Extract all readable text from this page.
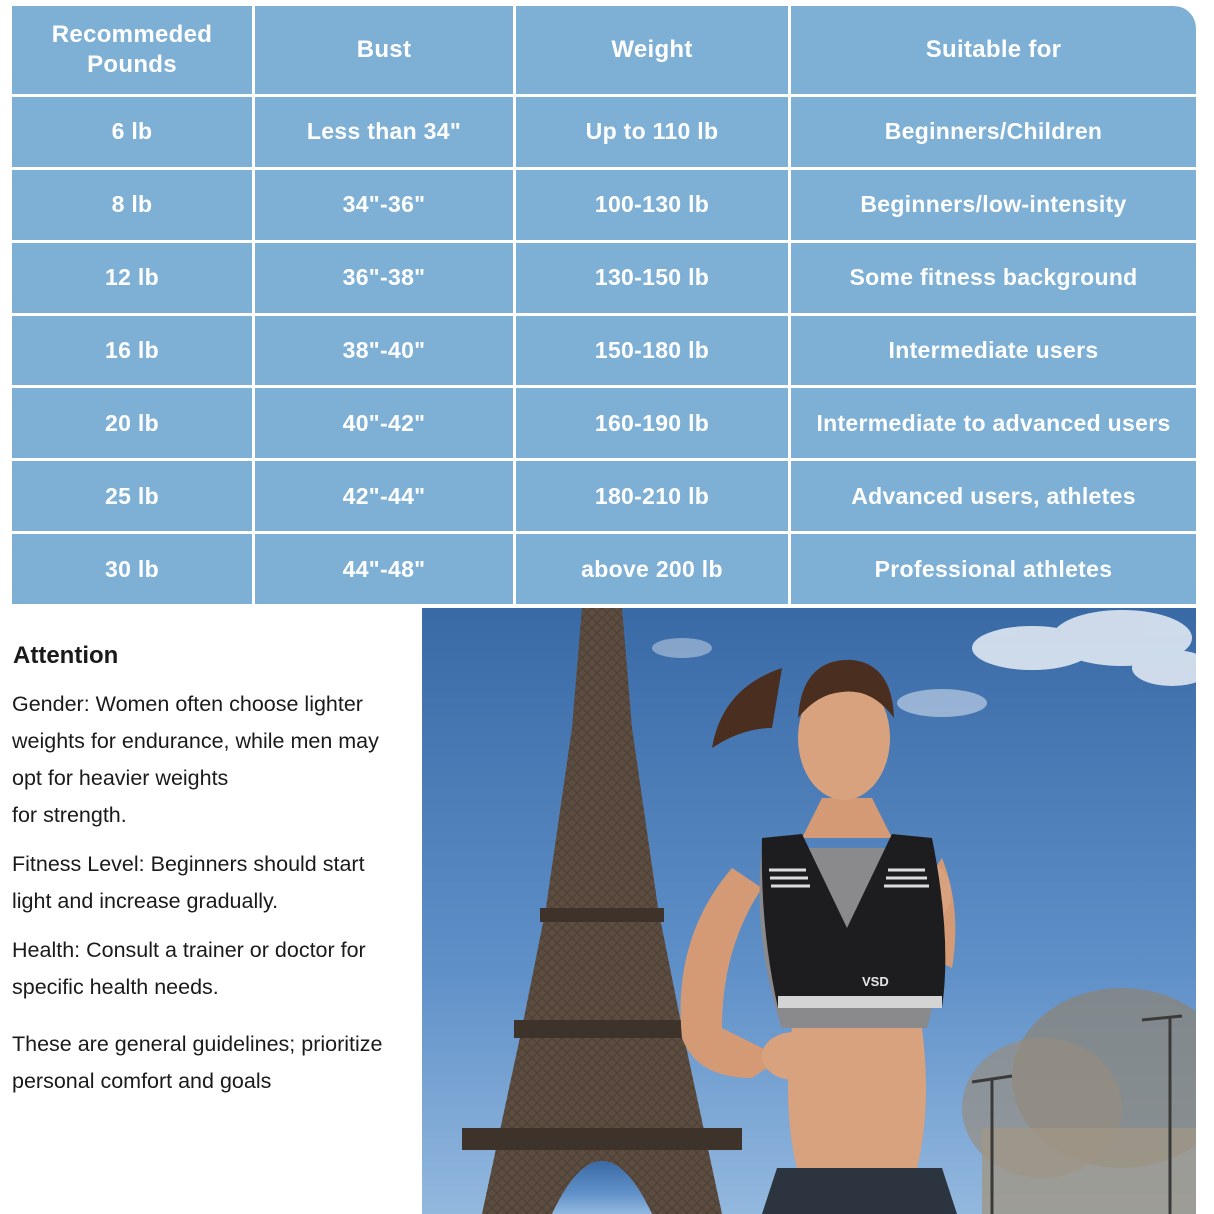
Recommeded Pounds	Bust	Weight	Suitable for
6 lb	Less than 34"	Up to 110 lb	Beginners/Children
8 lb	34"-36"	100-130 lb	Beginners/low-intensity
12 lb	36"-38"	130-150 lb	Some fitness background
16 lb	38"-40"	150-180 lb	Intermediate users
20 lb	40"-42"	160-190 lb	Intermediate to advanced users
25 lb	42"-44"	180-210 lb	Advanced users, athletes
30 lb	44"-48"	above 200 lb	Professional athletes
Attention

Gender: Women often choose lighter
weights for endurance, while men may
opt for heavier weights
for strength.

Fitness Level: Beginners should start
light and increase gradually.

Health: Consult a trainer or doctor for
specific health needs.

These are general guidelines; prioritize
personal comfort and goals

VSD
